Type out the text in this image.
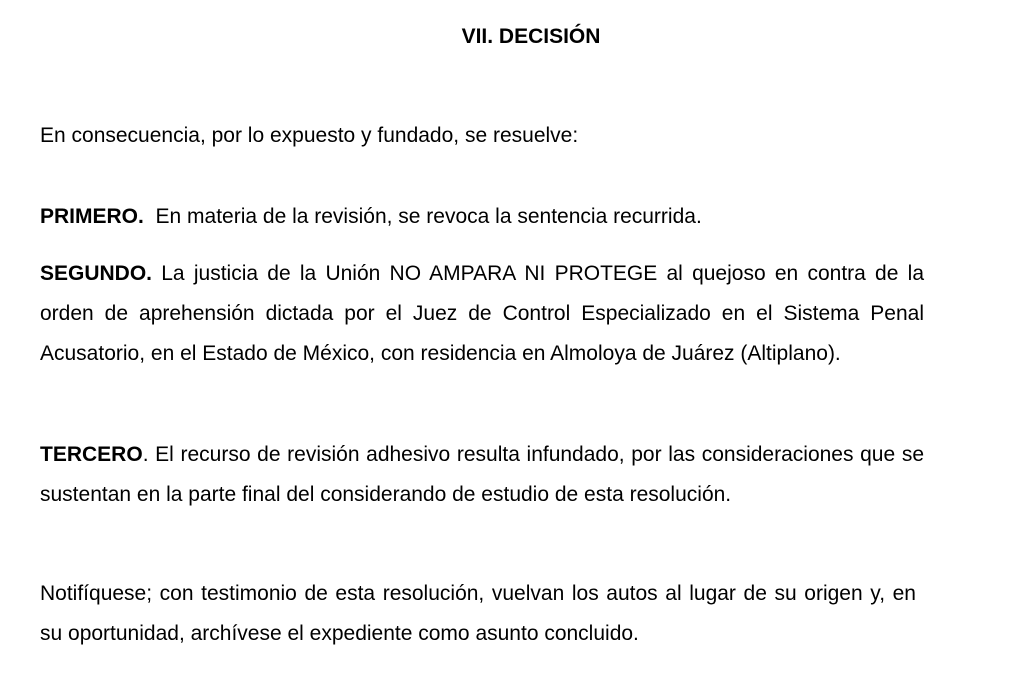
VII. DECISIÓN

En consecuencia, por lo expuesto y fundado, se resuelve:

PRIMERO.  En materia de la revisión, se revoca la sentencia recurrida.

SEGUNDO. La justicia de la Unión NO AMPARA NI PROTEGE al quejoso en contra de la orden de aprehensión dictada por el Juez de Control Especializado en el Sistema Penal Acusatorio, en el Estado de México, con residencia en Almoloya de Juárez (Altiplano).

TERCERO. El recurso de revisión adhesivo resulta infundado, por las consideraciones que se sustentan en la parte final del considerando de estudio de esta resolución.

Notifíquese; con testimonio de esta resolución, vuelvan los autos al lugar de su origen y, en su oportunidad, archívese el expediente como asunto concluido.
